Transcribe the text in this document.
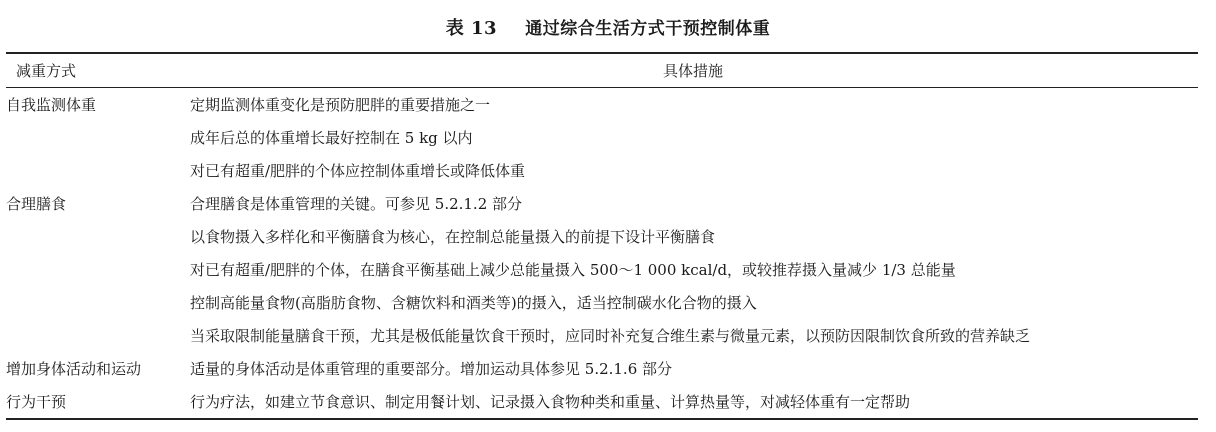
表 13 通过综合生活方式干预控制体重
减重方式	具体措施
自我监测体重	定期监测体重变化是预防肥胖的重要措施之一
	成年后总的体重增长最好控制在 5 kg 以内
	对已有超重/肥胖的个体应控制体重增长或降低体重
合理膳食	合理膳食是体重管理的关键。可参见 5.2.1.2 部分
	以食物摄入多样化和平衡膳食为核心，在控制总能量摄入的前提下设计平衡膳食
	对已有超重/肥胖的个体，在膳食平衡基础上减少总能量摄入 500～1 000 kcal/d，或较推荐摄入量减少 1/3 总能量
	控制高能量食物(高脂肪食物、含糖饮料和酒类等)的摄入，适当控制碳水化合物的摄入
	当采取限制能量膳食干预，尤其是极低能量饮食干预时，应同时补充复合维生素与微量元素，以预防因限制饮食所致的营养缺乏
增加身体活动和运动	适量的身体活动是体重管理的重要部分。增加运动具体参见 5.2.1.6 部分
行为干预	行为疗法，如建立节食意识、制定用餐计划、记录摄入食物种类和重量、计算热量等，对减轻体重有一定帮助
